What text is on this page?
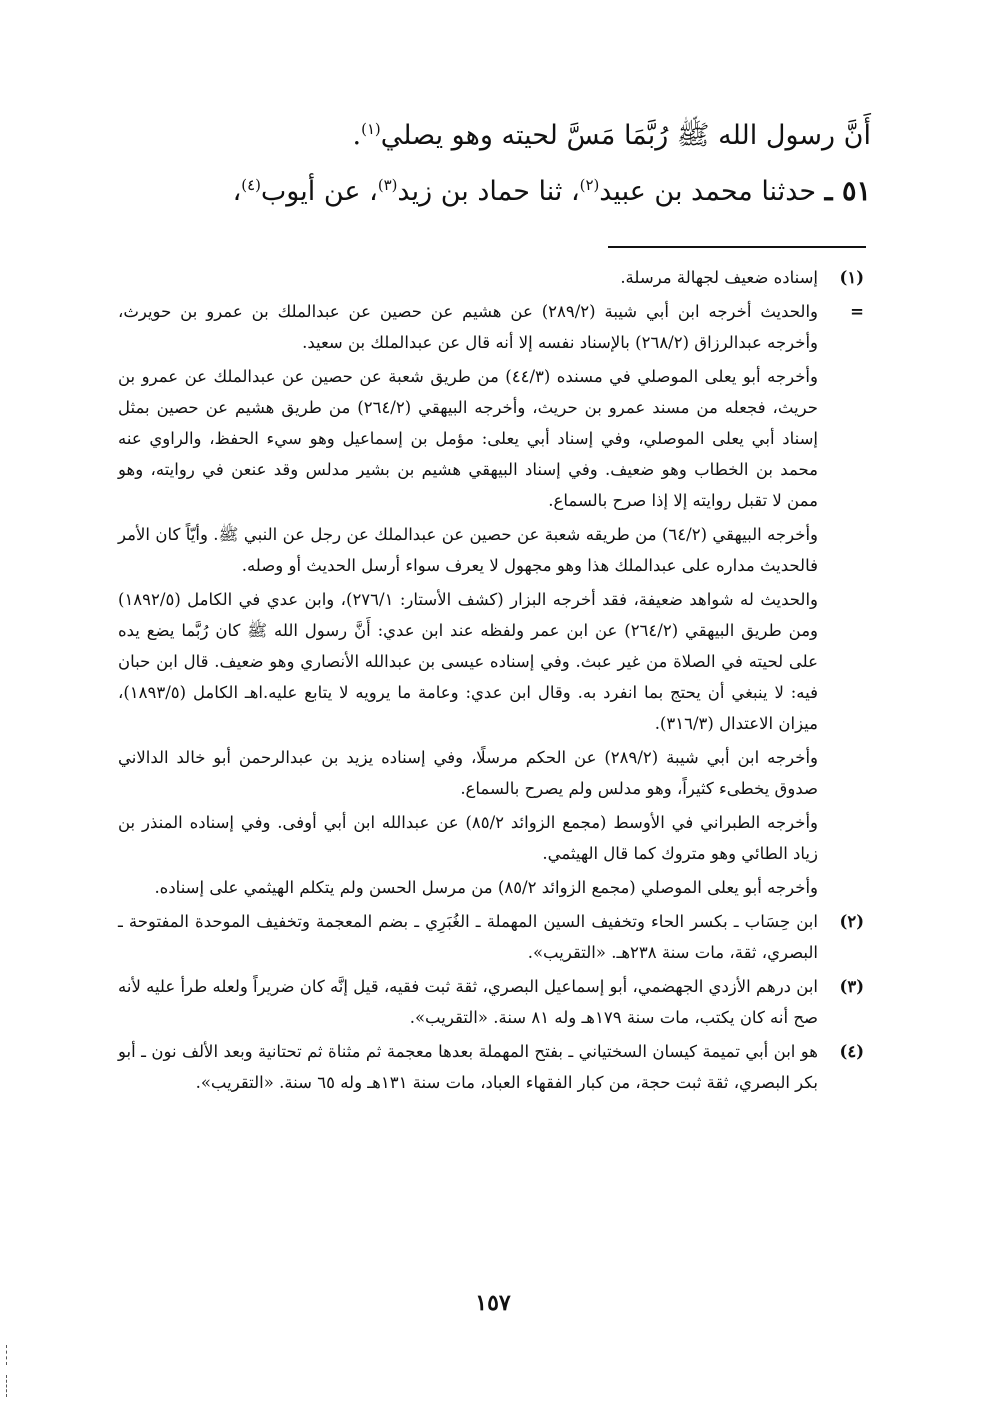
أَنَّ رسول الله ﷺ رُبَّمَا مَسَّ لحيته وهو يصلي$^{(١)}$.
٥١ ـ حدثنا محمد بن عبيد$^{(٢)}$، ثنا حماد بن زيد$^{(٣)}$، عن أيوب$^{(٤)}$،
(١)

إسناده ضعيف لجهالة مرسلة.

=

والحديث أخرجه ابن أبي شيبة (٢٨٩/٢) عن هشيم عن حصين عن عبدالملك بن عمرو بن حويرث، وأخرجه عبدالرزاق (٢٦٨/٢) بالإسناد نفسه إلا أنه قال عن عبدالملك بن سعيد.

وأخرجه أبو يعلى الموصلي في مسنده (٤٤/٣) من طريق شعبة عن حصين عن عبدالملك عن عمرو بن حريث، فجعله من مسند عمرو بن حريث، وأخرجه البيهقي (٢٦٤/٢) من طريق هشيم عن حصين بمثل إسناد أبي يعلى الموصلي، وفي إسناد أبي يعلى: مؤمل بن إسماعيل وهو سيء الحفظ، والراوي عنه محمد بن الخطاب وهو ضعيف. وفي إسناد البيهقي هشيم بن بشير مدلس وقد عنعن في روايته، وهو ممن لا تقبل روايته إلا إذا صرح بالسماع.

وأخرجه البيهقي (٦٤/٢) من طريقه شعبة عن حصين عن عبدالملك عن رجل عن النبي ﷺ. وأيّاً كان الأمر فالحديث مداره على عبدالملك هذا وهو مجهول لا يعرف سواء أرسل الحديث أو وصله.

والحديث له شواهد ضعيفة، فقد أخرجه البزار (كشف الأستار: ٢٧٦/١)، وابن عدي في الكامل (١٨٩٢/٥) ومن طريق البيهقي (٢٦٤/٢) عن ابن عمر ولفظه عند ابن عدي: أَنَّ رسول الله ﷺ كان رُبَّما يضع يده على لحيته في الصلاة من غير عبث. وفي إسناده عيسى بن عبدالله الأنصاري وهو ضعيف. قال ابن حبان فيه: لا ينبغي أن يحتج بما انفرد به. وقال ابن عدي: وعامة ما يرويه لا يتابع عليه.اهـ الكامل (١٨٩٣/٥)، ميزان الاعتدال (٣١٦/٣).

وأخرجه ابن أبي شيبة (٢٨٩/٢) عن الحكم مرسلًا، وفي إسناده يزيد بن عبدالرحمن أبو خالد الدالاني صدوق يخطىء كثيراً، وهو مدلس ولم يصرح بالسماع.

وأخرجه الطبراني في الأوسط (مجمع الزوائد ٨٥/٢) عن عبدالله ابن أبي أوفى. وفي إسناده المنذر بن زياد الطائي وهو متروك كما قال الهيثمي.

وأخرجه أبو يعلى الموصلي (مجمع الزوائد ٨٥/٢) من مرسل الحسن ولم يتكلم الهيثمي على إسناده.

(٢)

ابن حِسَاب ـ بكسر الحاء وتخفيف السين المهملة ـ الغُبَرِي ـ بضم المعجمة وتخفيف الموحدة المفتوحة ـ البصري، ثقة، مات سنة ٢٣٨هـ. «التقريب».

(٣)

ابن درهم الأزدي الجهضمي، أبو إسماعيل البصري، ثقة ثبت فقيه، قيل إنَّه كان ضريراً ولعله طرأ عليه لأنه صح أنه كان يكتب، مات سنة ١٧٩هـ وله ٨١ سنة. «التقريب».

(٤)

هو ابن أبي تميمة كيسان السختياني ـ بفتح المهملة بعدها معجمة ثم مثناة ثم تحتانية وبعد الألف نون ـ أبو بكر البصري، ثقة ثبت حجة، من كبار الفقهاء العباد، مات سنة ١٣١هـ وله ٦٥ سنة. «التقريب».

١٥٧
